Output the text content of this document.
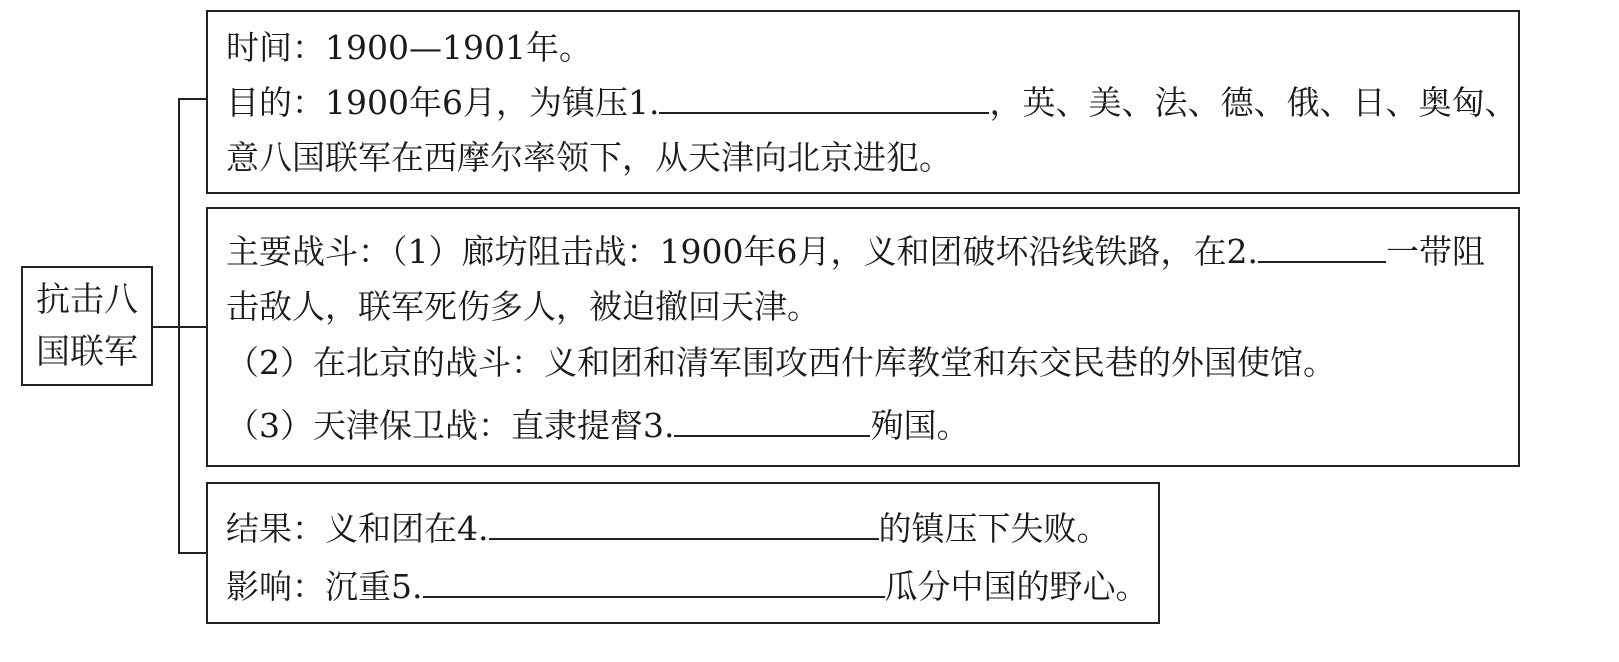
抗击八
国联军
时间：1900—1901年。
目的：1900年6月，为镇压1.	，英、美、法、德、俄、日、奥匈、
意八国联军在西摩尔率领下，从天津向北京进犯。
主要战斗：（1）廊坊阻击战：1900年6月，义和团破坏沿线铁路，在2.	一带阻
击敌人，联军死伤多人，被迫撤回天津。
（2）在北京的战斗：义和团和清军围攻西什库教堂和东交民巷的外国使馆。
（3）天津保卫战：直隶提督3.	殉国。
结果：义和团在4.	的镇压下失败。
影响：沉重5.	瓜分中国的野心。
